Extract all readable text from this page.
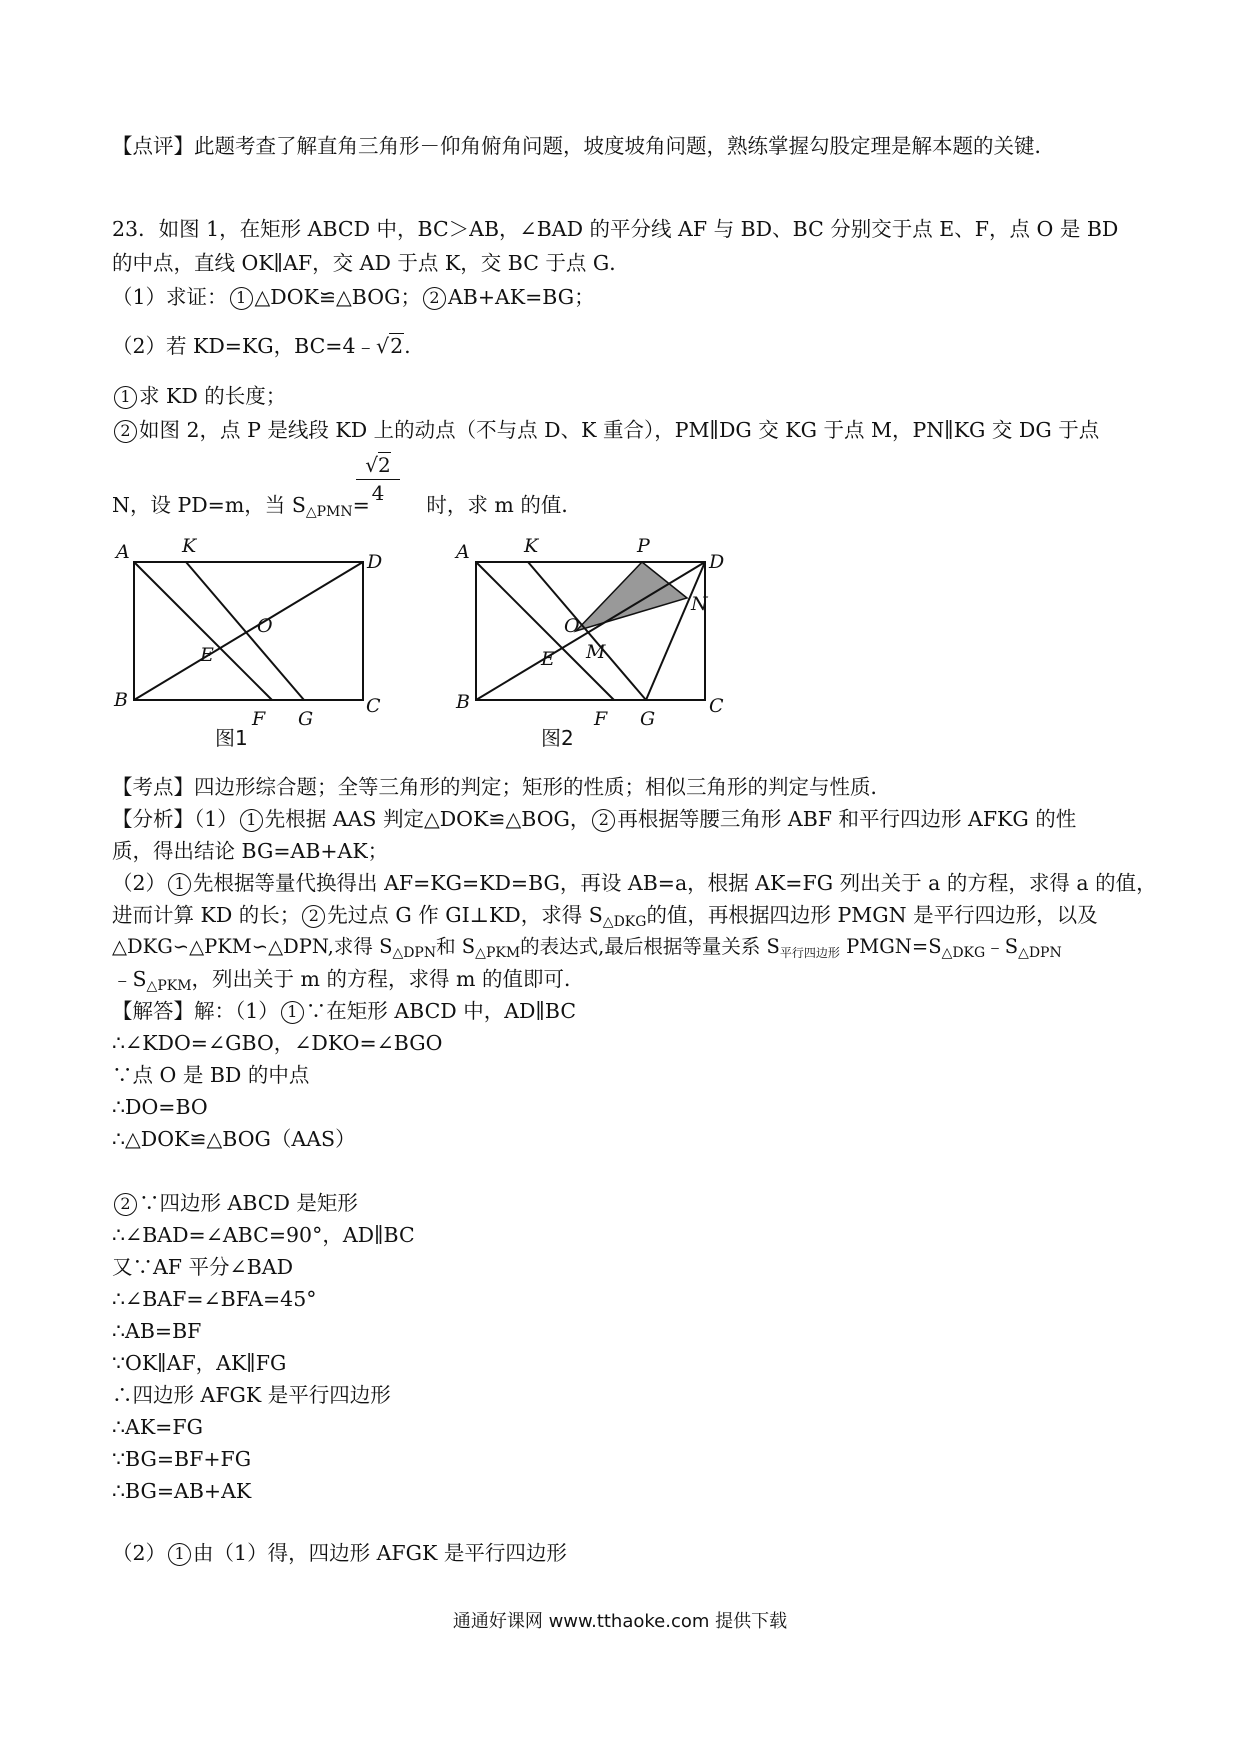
【点评】此题考查了解直角三角形－仰角俯角问题，坡度坡角问题，熟练掌握勾股定理是解本题的关键．
23．如图 1，在矩形 ABCD 中，BC＞AB，∠BAD 的平分线 AF 与 BD、BC 分别交于点 E、F，点 O 是 BD
的中点，直线 OK∥AF，交 AD 于点 K，交 BC 于点 G．
（1）求证： 1 △DOK≌△BOG； 2 AB+AK=BG；
（2）若 KD=KG，BC=4﹣√2.
1 求 KD 的长度；
2 如图 2，点 P 是线段 KD 上的动点（不与点 D、K 重合），PM∥DG 交 KG 于点 M，PN∥KG 交 DG 于点
$\frac{√2}{4}$
N，设 PD=m，当 S△PMN= 时，求 m 的值．
A	K
D
O
E
B
F G
C
图1
A	K	P
D
O
N
M
E
B
F G
C
图2
【考点】四边形综合题；全等三角形的判定；矩形的性质；相似三角形的判定与性质．
【分析】（1） 1 先根据 AAS 判定△DOK≌△BOG， 2 再根据等腰三角形 ABF 和平行四边形 AFKG 的性
质，得出结论 BG=AB+AK；
（2） 1 先根据等量代换得出 AF=KG=KD=BG，再设 AB=a，根据 AK=FG 列出关于 a 的方程，求得 a 的值，
进而计算 KD 的长； 2 先过点 G 作 GI⊥KD，求得 S△DKG的值，再根据四边形 PMGN 是平行四边形，以及
△DKG∽△PKM∽△DPN,求得 $S_{\triangle DPN}$和 $S_{\triangle PKM}$的表达式,最后根据等量关系 $S_{平行四边形}$ $PMGN=S_{\triangle DKG}﹣S_{\triangle DPN}$
﹣S△PKM，列出关于 m 的方程，求得 m 的值即可．
【解答】解：（1） 1 ∵在矩形 ABCD 中，AD∥BC
∴∠KDO=∠GBO，∠DKO=∠BGO
∵点 O 是 BD 的中点
∴DO=BO
∴△DOK≌△BOG（AAS）
2 ∵四边形 ABCD 是矩形
∴∠BAD=∠ABC=90°，AD∥BC
又∵AF 平分∠BAD
∴∠BAF=∠BFA=45°
∴AB=BF
∵OK∥AF，AK∥FG
∴四边形 AFGK 是平行四边形
∴AK=FG
∵BG=BF+FG
∴BG=AB+AK
（2） 1 由（1）得，四边形 AFGK 是平行四边形
通通好课网 www.tthaoke.com 提供下载
